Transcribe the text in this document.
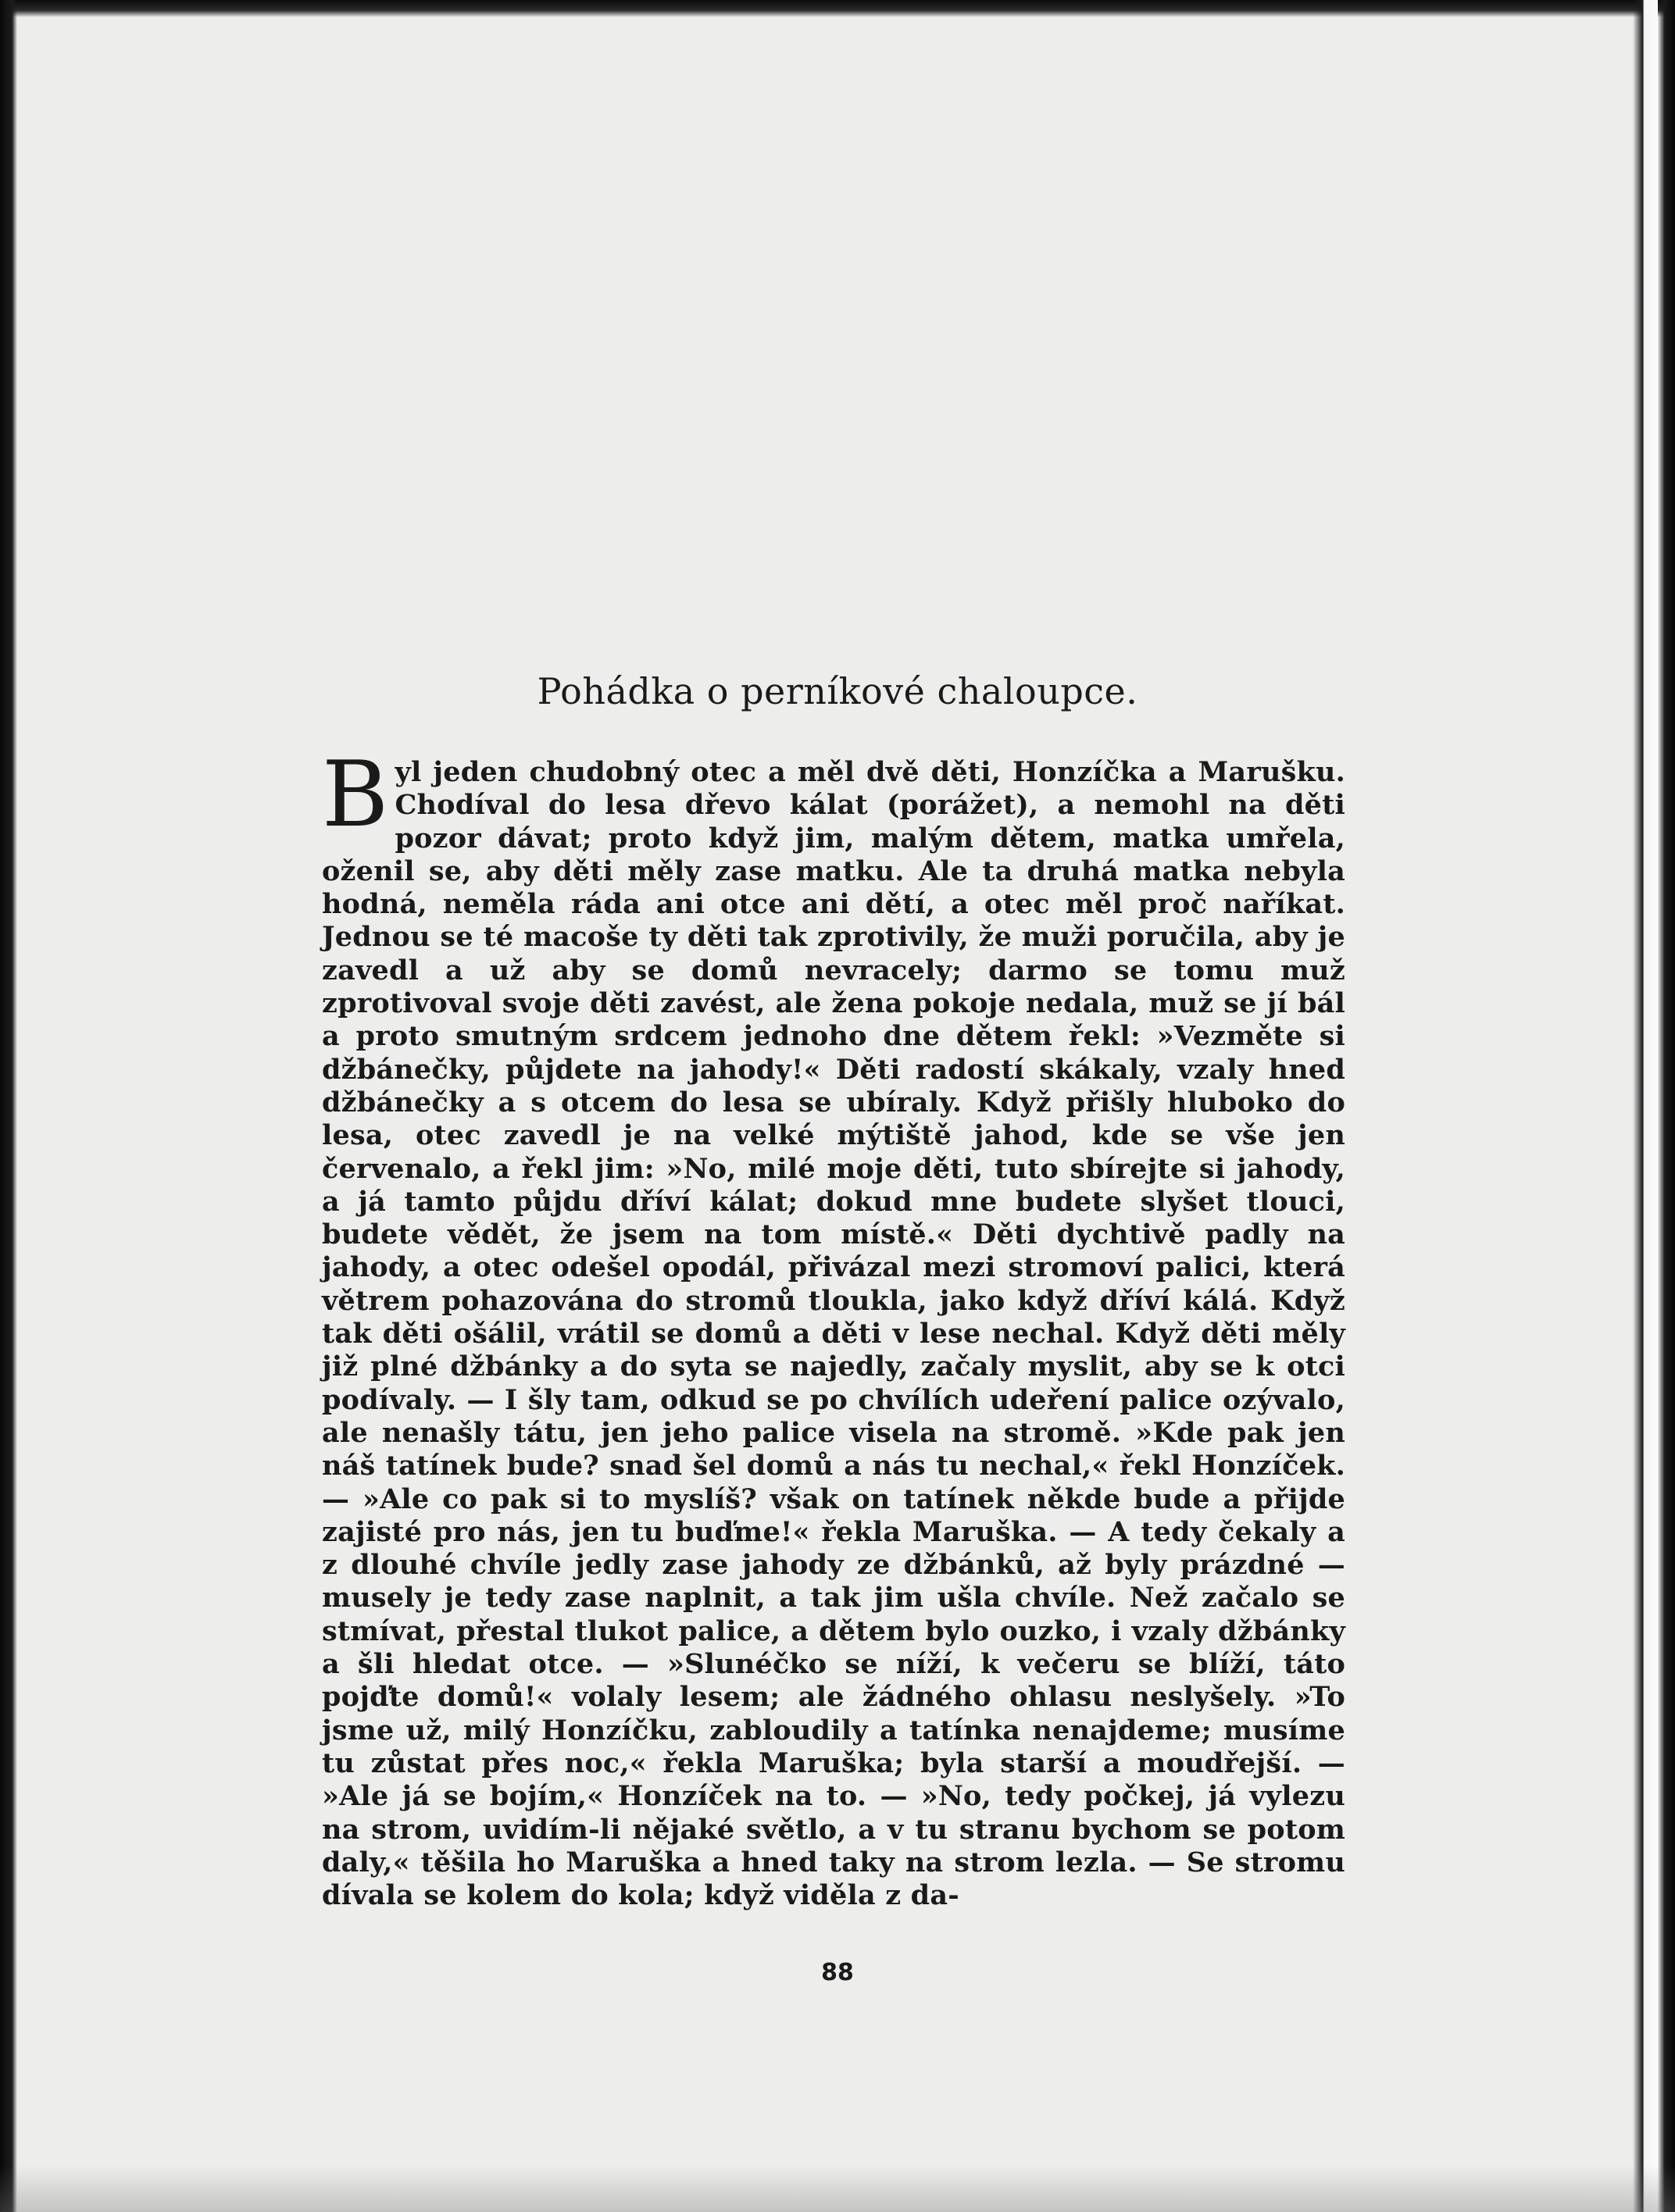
Pohádka o perníkové chaloupce.

Byl jeden chudobný otec a měl dvě děti, Honzíčka a Marušku. Chodíval do lesa dřevo kálat (porážet), a nemohl na děti pozor dávat; proto když jim, malým dětem, matka umřela, oženil se, aby děti měly zase matku. Ale ta druhá matka nebyla hodná, neměla ráda ani otce ani dětí, a otec měl proč naříkat. Jednou se té macoše ty děti tak zprotivily, že muži poručila, aby je zavedl a už aby se domů nevracely; darmo se tomu muž zprotivoval svoje děti zavést, ale žena pokoje nedala, muž se jí bál a proto smutným srdcem jednoho dne dětem řekl: »Vezměte si džbánečky, půjdete na jahody!« Děti radostí skákaly, vzaly hned džbánečky a s otcem do lesa se ubíraly. Když přišly hluboko do lesa, otec zavedl je na velké mýtiště jahod, kde se vše jen červenalo, a řekl jim: »No, milé moje děti, tuto sbírejte si jahody, a já tamto půjdu dříví kálat; dokud mne budete slyšet tlouci, budete vědět, že jsem na tom místě.« Děti dychtivě padly na jahody, a otec odešel opodál, přivázal mezi stromoví palici, která větrem pohazována do stromů tloukla, jako když dříví kálá. Když tak děti ošálil, vrátil se domů a děti v lese nechal. Když děti měly již plné džbánky a do syta se najedly, začaly myslit, aby se k otci podívaly. — I šly tam, odkud se po chvílích udeření palice ozývalo, ale nenašly tátu, jen jeho palice visela na stromě. »Kde pak jen náš tatínek bude? snad šel domů a nás tu nechal,« řekl Honzíček. — »Ale co pak si to myslíš? však on tatínek někde bude a přijde zajisté pro nás, jen tu buďme!« řekla Maruška. — A tedy čekaly a z dlouhé chvíle jedly zase jahody ze džbánků, až byly prázdné — musely je tedy zase naplnit, a tak jim ušla chvíle. Než začalo se stmívat, přestal tlukot palice, a dětem bylo ouzko, i vzaly džbánky a šli hledat otce. — »Slunéčko se níží, k večeru se blíží, táto pojďte domů!« volaly lesem; ale žádného ohlasu neslyšely. »To jsme už, milý Honzíčku, zabloudily a tatínka nenajdeme; musíme tu zůstat přes noc,« řekla Maruška; byla starší a moudřejší. — »Ale já se bojím,« Honzíček na to. — »No, tedy počkej, já vylezu na strom, uvidím-li nějaké světlo, a v tu stranu bychom se potom daly,« těšila ho Maruška a hned taky na strom lezla. — Se stromu dívala se kolem do kola; když viděla z da-

88
